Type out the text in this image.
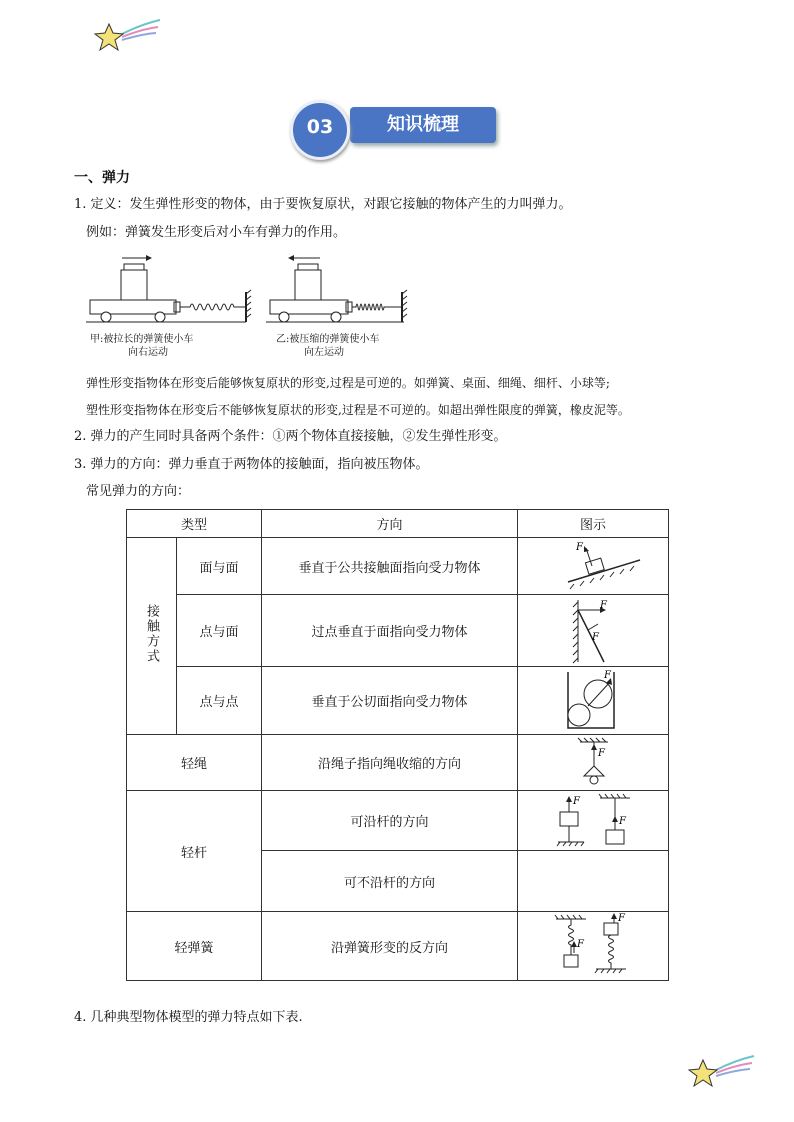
知识梳理
03
一、弹力
1. 定义：发生弹性形变的物体，由于要恢复原状，对跟它接触的物体产生的力叫弹力。
例如：弹簧发生形变后对小车有弹力的作用。
甲:被拉长的弹簧使小车
向右运动
乙:被压缩的弹簧使小车
向左运动
弹性形变指物体在形变后能够恢复原状的形变,过程是可逆的。如弹簧、桌面、细绳、细杆、小球等;
塑性形变指物体在形变后不能够恢复原状的形变,过程是不可逆的。如超出弹性限度的弹簧，橡皮泥等。
2. 弹力的产生同时具备两个条件：①两个物体直接接触，②发生弹性形变。
3. 弹力的方向：弹力垂直于两物体的接触面，指向被压物体。
常见弹力的方向：
类型		方向	图示
接触方式	面与面	垂直于公共接触面指向受力物体	F

	点与面	过点垂直于面指向受力物体	F
F

	点与点	垂直于公切面指向受力物体	F

轻绳		沿绳子指向绳收缩的方向	F

轻杆		可沿杆的方向	F
F

		可不沿杆的方向	
轻弹簧		沿弹簧形变的反方向	F
F
4. 几种典型物体模型的弹力特点如下表.
